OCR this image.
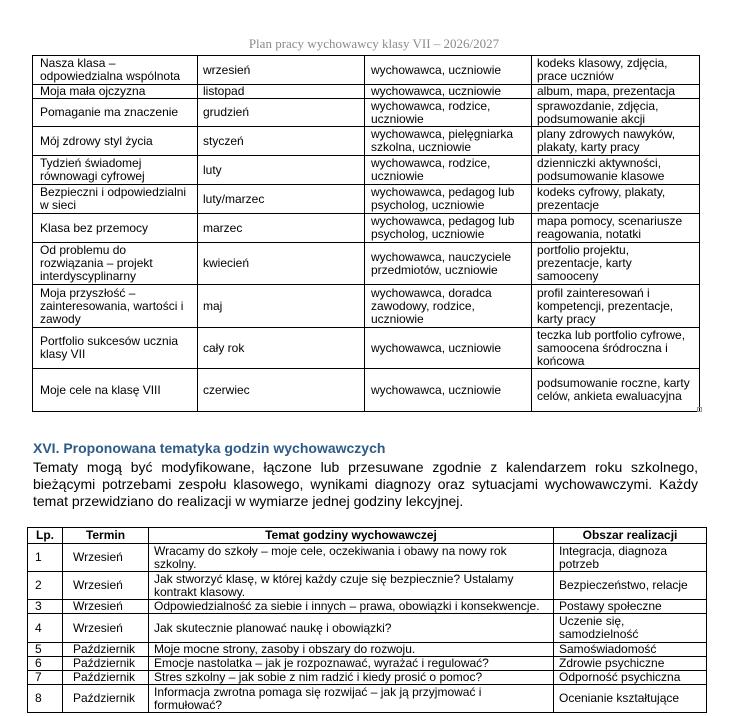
Plan pracy wychowawcy klasy VII – 2026/2027
Nasza klasa – odpowiedzialna wspólnota	wrzesień	wychowawca, uczniowie	kodeks klasowy, zdjęcia, prace uczniów
Moja mała ojczyzna	listopad	wychowawca, uczniowie	album, mapa, prezentacja
Pomaganie ma znaczenie	grudzień	wychowawca, rodzice, uczniowie	sprawozdanie, zdjęcia, podsumowanie akcji
Mój zdrowy styl życia	styczeń	wychowawca, pielęgniarka szkolna, uczniowie	plany zdrowych nawyków, plakaty, karty pracy
Tydzień świadomej równowagi cyfrowej	luty	wychowawca, rodzice, uczniowie	dzienniczki aktywności, podsumowanie klasowe
Bezpieczni i odpowiedzialni w sieci	luty/marzec	wychowawca, pedagog lub psycholog, uczniowie	kodeks cyfrowy, plakaty, prezentacje
Klasa bez przemocy	marzec	wychowawca, pedagog lub psycholog, uczniowie	mapa pomocy, scenariusze reagowania, notatki
Od problemu do rozwiązania – projekt interdyscyplinarny	kwiecień	wychowawca, nauczyciele przedmiotów, uczniowie	portfolio projektu, prezentacje, karty samooceny
Moja przyszłość – zainteresowania, wartości i zawody	maj	wychowawca, doradca zawodowy, rodzice, uczniowie	profil zainteresowań i kompetencji, prezentacje, karty pracy
Portfolio sukcesów ucznia klasy VII	cały rok	wychowawca, uczniowie	teczka lub portfolio cyfrowe, samoocena śródroczna i końcowa
Moje cele na klasę VIII	czerwiec	wychowawca, uczniowie	podsumowanie roczne, karty celów, ankieta ewaluacyjna
XVI. Proponowana tematyka godzin wychowawczych
Tematy mogą być modyfikowane, łączone lub przesuwane zgodnie z kalendarzem roku szkolnego, bieżącymi potrzebami zespołu klasowego, wynikami diagnozy oraz sytuacjami wychowawczymi. Każdy temat przewidziano do realizacji w wymiarze jednej godziny lekcyjnej.
Lp.	Termin	Temat godziny wychowawczej	Obszar realizacji
1	Wrzesień	Wracamy do szkoły – moje cele, oczekiwania i obawy na nowy rok szkolny.	Integracja, diagnoza potrzeb
2	Wrzesień	Jak stworzyć klasę, w której każdy czuje się bezpiecznie? Ustalamy kontrakt klasowy.	Bezpieczeństwo, relacje
3	Wrzesień	Odpowiedzialność za siebie i innych – prawa, obowiązki i konsekwencje.	Postawy społeczne
4	Wrzesień	Jak skutecznie planować naukę i obowiązki?	Uczenie się, samodzielność
5	Październik	Moje mocne strony, zasoby i obszary do rozwoju.	Samoświadomość
6	Październik	Emocje nastolatka – jak je rozpoznawać, wyrażać i regulować?	Zdrowie psychiczne
7	Październik	Stres szkolny – jak sobie z nim radzić i kiedy prosić o pomoc?	Odporność psychiczna
8	Październik	Informacja zwrotna pomaga się rozwijać – jak ją przyjmować i formułować?	Ocenianie kształtujące
